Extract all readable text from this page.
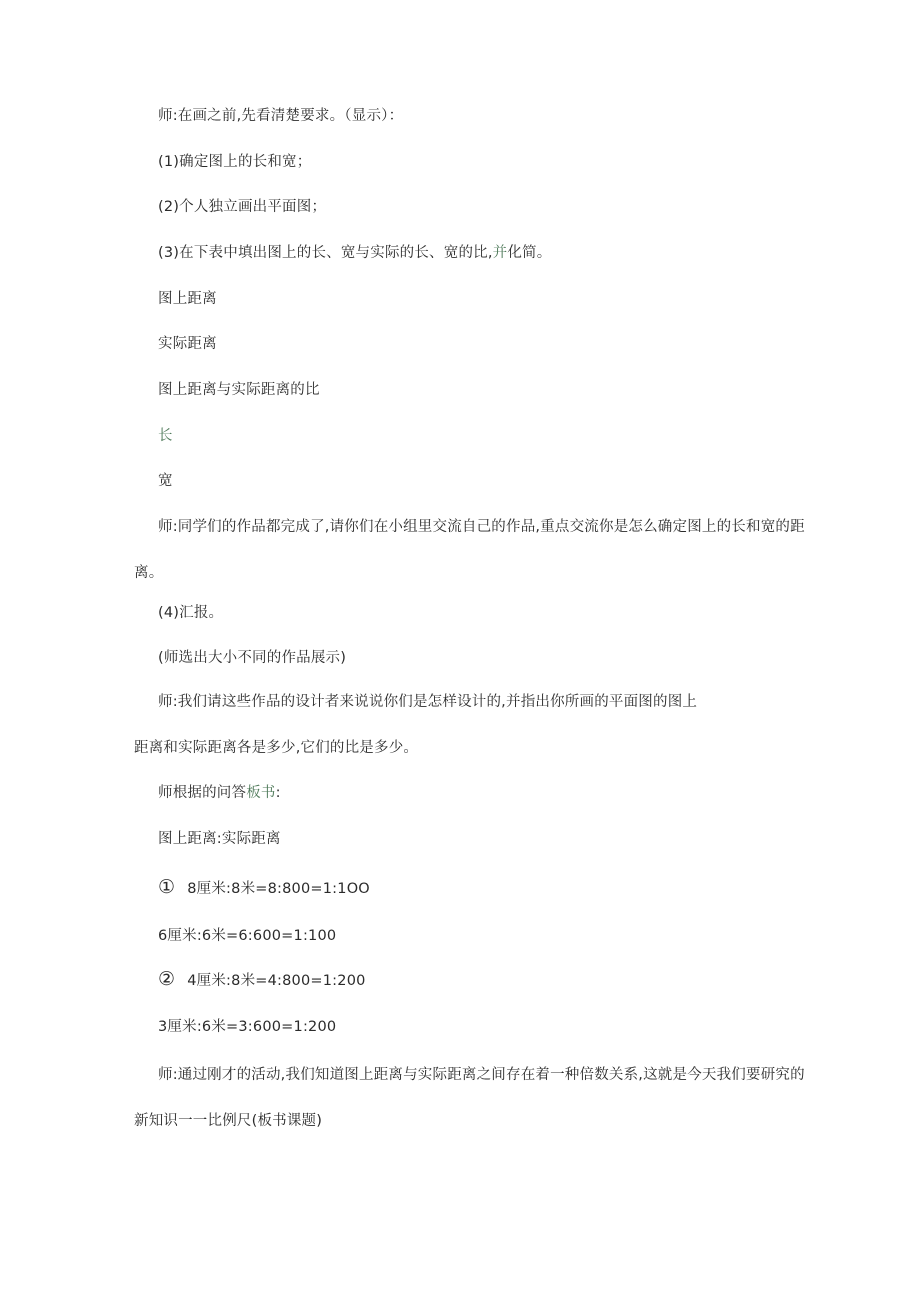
师:在画之前,先看清楚要求。（显示）：
(1)确定图上的长和宽；
(2)个人独立画出平面图；
(3)在下表中填出图上的长、宽与实际的长、宽的比,并化简。
图上距离
实际距离
图上距离与实际距离的比
长
宽
师:同学们的作品都完成了,请你们在小组里交流自己的作品,重点交流你是怎么确定图上的长和宽的距
离。
(4)汇报。
(师选出大小不同的作品展示)
师:我们请这些作品的设计者来说说你们是怎样设计的,并指出你所画的平面图的图上
距离和实际距离各是多少,它们的比是多少。
师根据的问答板书:
图上距离:实际距离
① 8厘米:8米=8:800=1:1OO
6厘米:6米=6:600=1:100
② 4厘米:8米=4:800=1:200
3厘米:6米=3:600=1:200
师:通过刚才的活动,我们知道图上距离与实际距离之间存在着一种倍数关系,这就是今天我们要研究的
新知识一一比例尺(板书课题)
